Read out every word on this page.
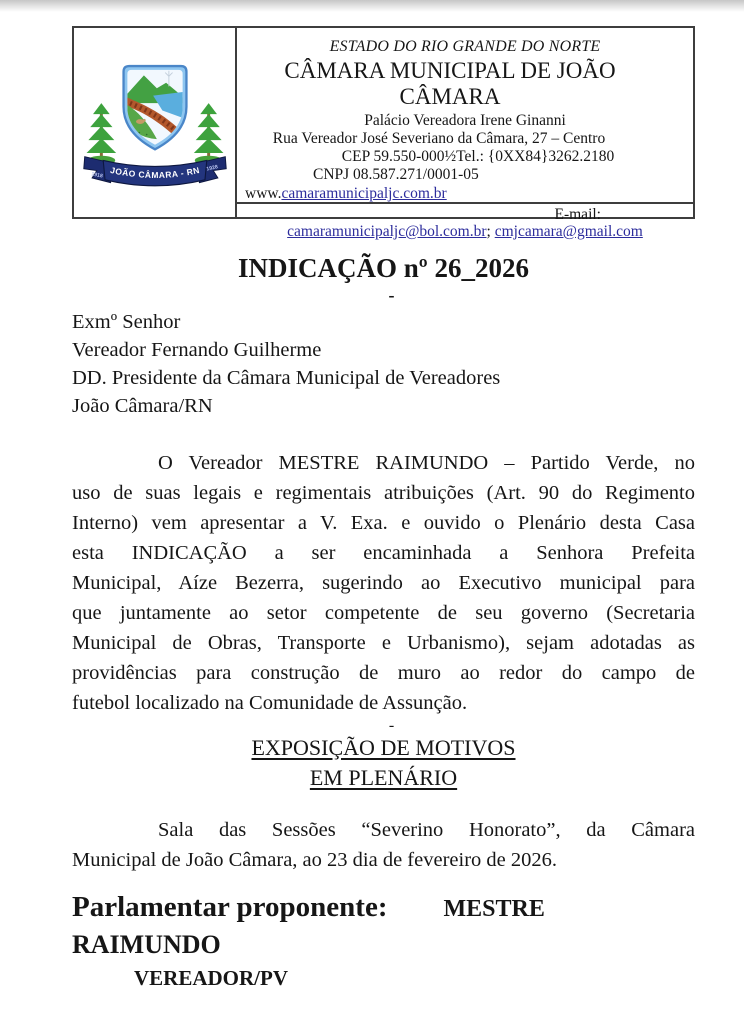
JOÃO CÂMARA - RN
1918
1928
ESTADO DO RIO GRANDE DO NORTE
CÂMARA MUNICIPAL DE JOÃO CÂMARA
Palácio Vereadora Irene Ginanni
Rua Vereador José Severiano da Câmara, 27 – Centro
CEP 59.550-000½Tel.: {0XX84}3262.2180
CNPJ 08.587.271/0001-05
www.camaramunicipaljc.com.br
E-mail:
camaramunicipaljc@bol.com.br; cmjcamara@gmail.com
INDICAÇÃO nº 26_2026
-
Exmº Senhor
Vereador Fernando Guilherme
DD. Presidente da Câmara Municipal de Vereadores
João Câmara/RN
O Vereador MESTRE RAIMUNDO – Partido Verde, no
uso de suas legais e regimentais atribuições (Art. 90 do Regimento
Interno) vem apresentar a V. Exa. e ouvido o Plenário desta Casa
esta INDICAÇÃO a ser encaminhada a Senhora Prefeita
Municipal, Aíze Bezerra, sugerindo ao Executivo municipal para
que juntamente ao setor competente de seu governo (Secretaria
Municipal de Obras, Transporte e Urbanismo), sejam adotadas as
providências para construção de muro ao redor do campo de
futebol localizado na Comunidade de Assunção.
-
EXPOSIÇÃO DE MOTIVOS
EM PLENÁRIO
Sala das Sessões “Severino Honorato”, da Câmara
Municipal de João Câmara, ao 23 dia de fevereiro de 2026.
Parlamentar proponente: MESTRE
RAIMUNDO
VEREADOR/PV
